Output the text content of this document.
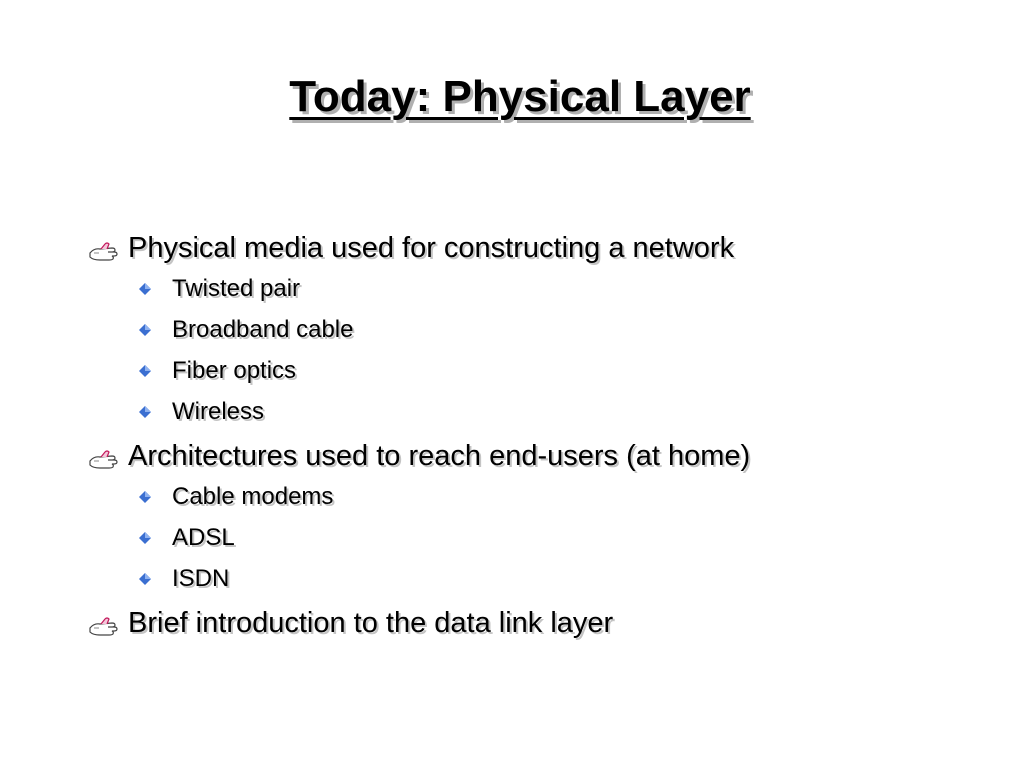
Today: Physical Layer
Physical media used for constructing a network
Twisted pair
Broadband cable
Fiber optics
Wireless
Architectures used to reach end-users (at home)
Cable modems
ADSL
ISDN
Brief introduction to the data link layer
